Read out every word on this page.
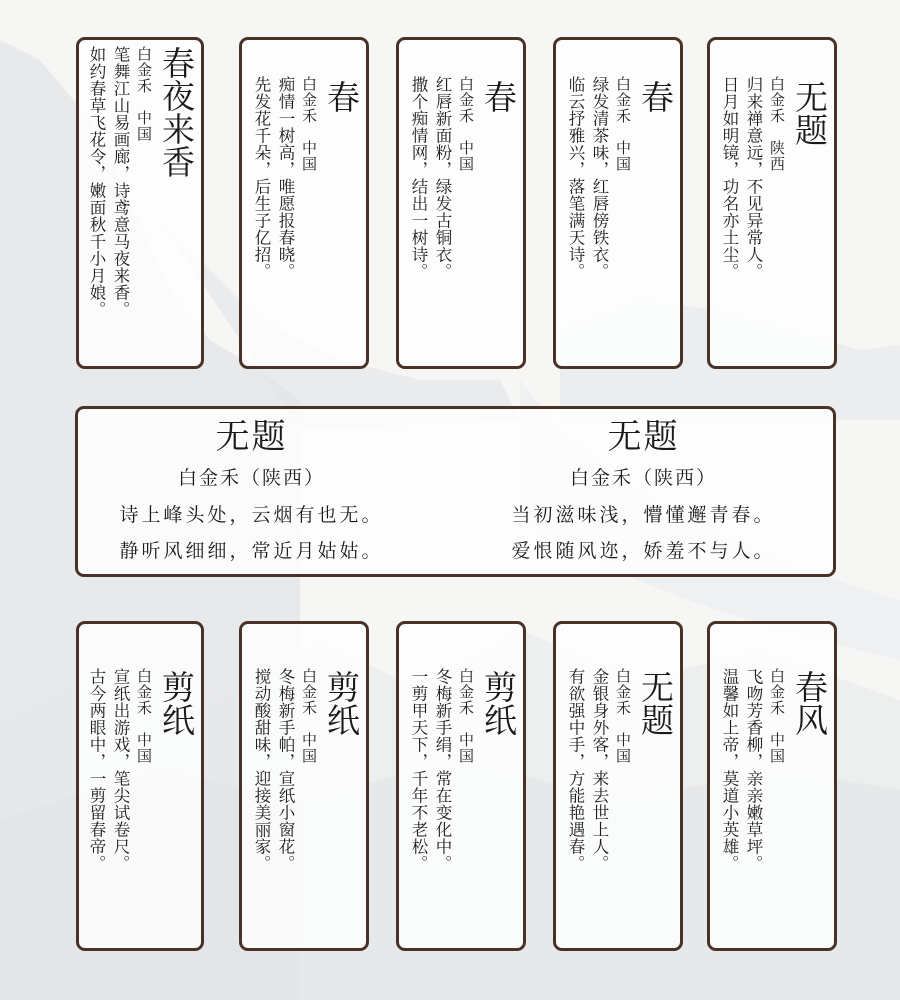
春夜来香

白金禾　中国

笔舞江山易画廊，诗鸢意马夜来香。

如约春草飞花令，嫩面秋千小月娘。	春

白金禾　中国

痴情一树高，唯愿报春晓。

先发花千朵，后生子亿招。	春

白金禾　中国

红唇新面粉，绿发古铜衣。

撒个痴情网，结出一树诗。	春

白金禾　中国

绿发清茶味，红唇傍铁衣。

临云抒雅兴，落笔满天诗。	无题

白金禾　陕西

归来禅意远，不见异常人。

日月如明镜，功名亦土尘。

无题
白金禾（陕西）
诗上峰头处，云烟有也无。
静听风细细，常近月姑姑。
无题
白金禾（陕西）
当初滋味浅，懵懂邂青春。
爱恨随风迩，娇羞不与人。

剪纸

白金禾　中国

宣纸出游戏，笔尖试卷尺。

古今两眼中，一剪留春帝。	剪纸

白金禾　中国

冬梅新手帕，宣纸小窗花。

搅动酸甜味，迎接美丽家。	剪纸

白金禾　中国

冬梅新手绢，常在变化中。

一剪甲天下，千年不老松。	无题

白金禾　中国

金银身外客，来去世上人。

有欲强中手，方能艳遇春。	春风

白金禾　中国

飞吻芳香柳，亲亲嫩草坪。

温馨如上帝，莫道小英雄。
